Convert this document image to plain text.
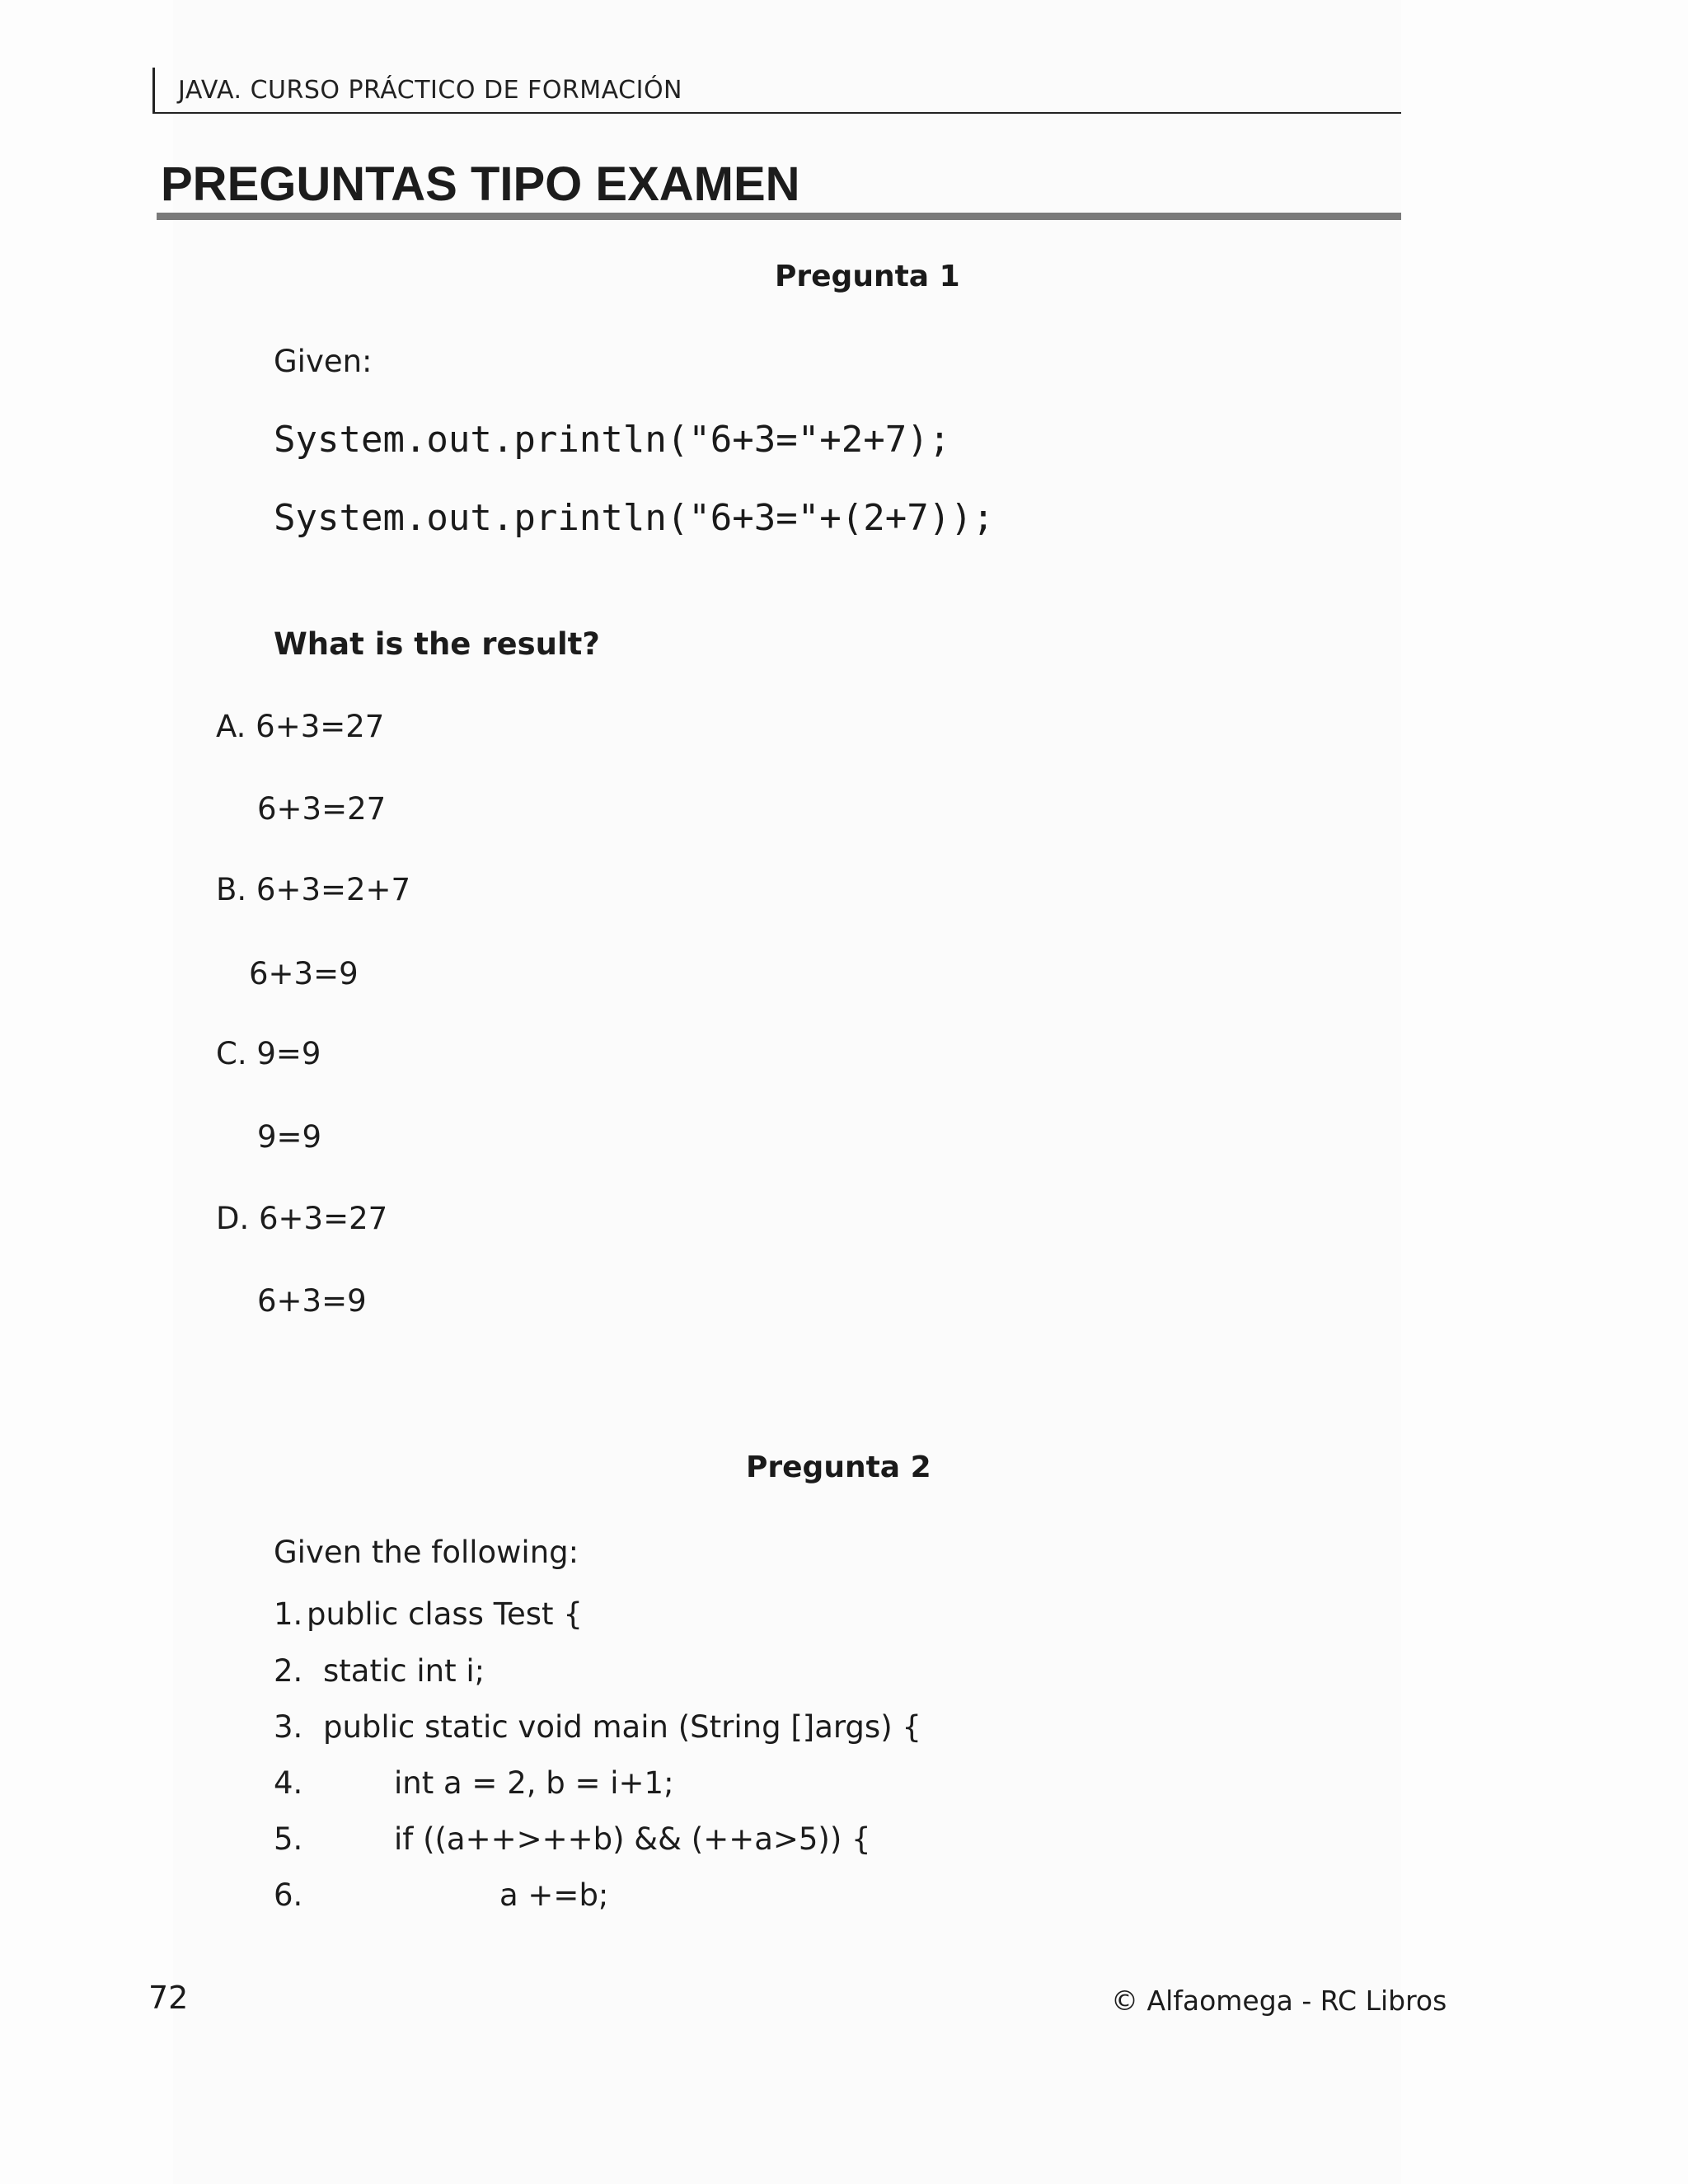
JAVA. CURSO PRÁCTICO DE FORMACIÓN
PREGUNTAS TIPO EXAMEN
Pregunta 1
Given:
System.out.println("6+3="+2+7);
System.out.println("6+3="+(2+7));
What is the result?
A. 6+3=27
6+3=27
B. 6+3=2+7
6+3=9
C. 9=9
9=9
D. 6+3=27
6+3=9
Pregunta 2
Given the following:
1. public class Test {
2. static int i;
3. public static void main (String []args) {
4.	int a = 2, b = i+1;
5.	if ((a++>++b) && (++a>5)) {
6.	a +=b;
72	© Alfaomega - RC Libros
